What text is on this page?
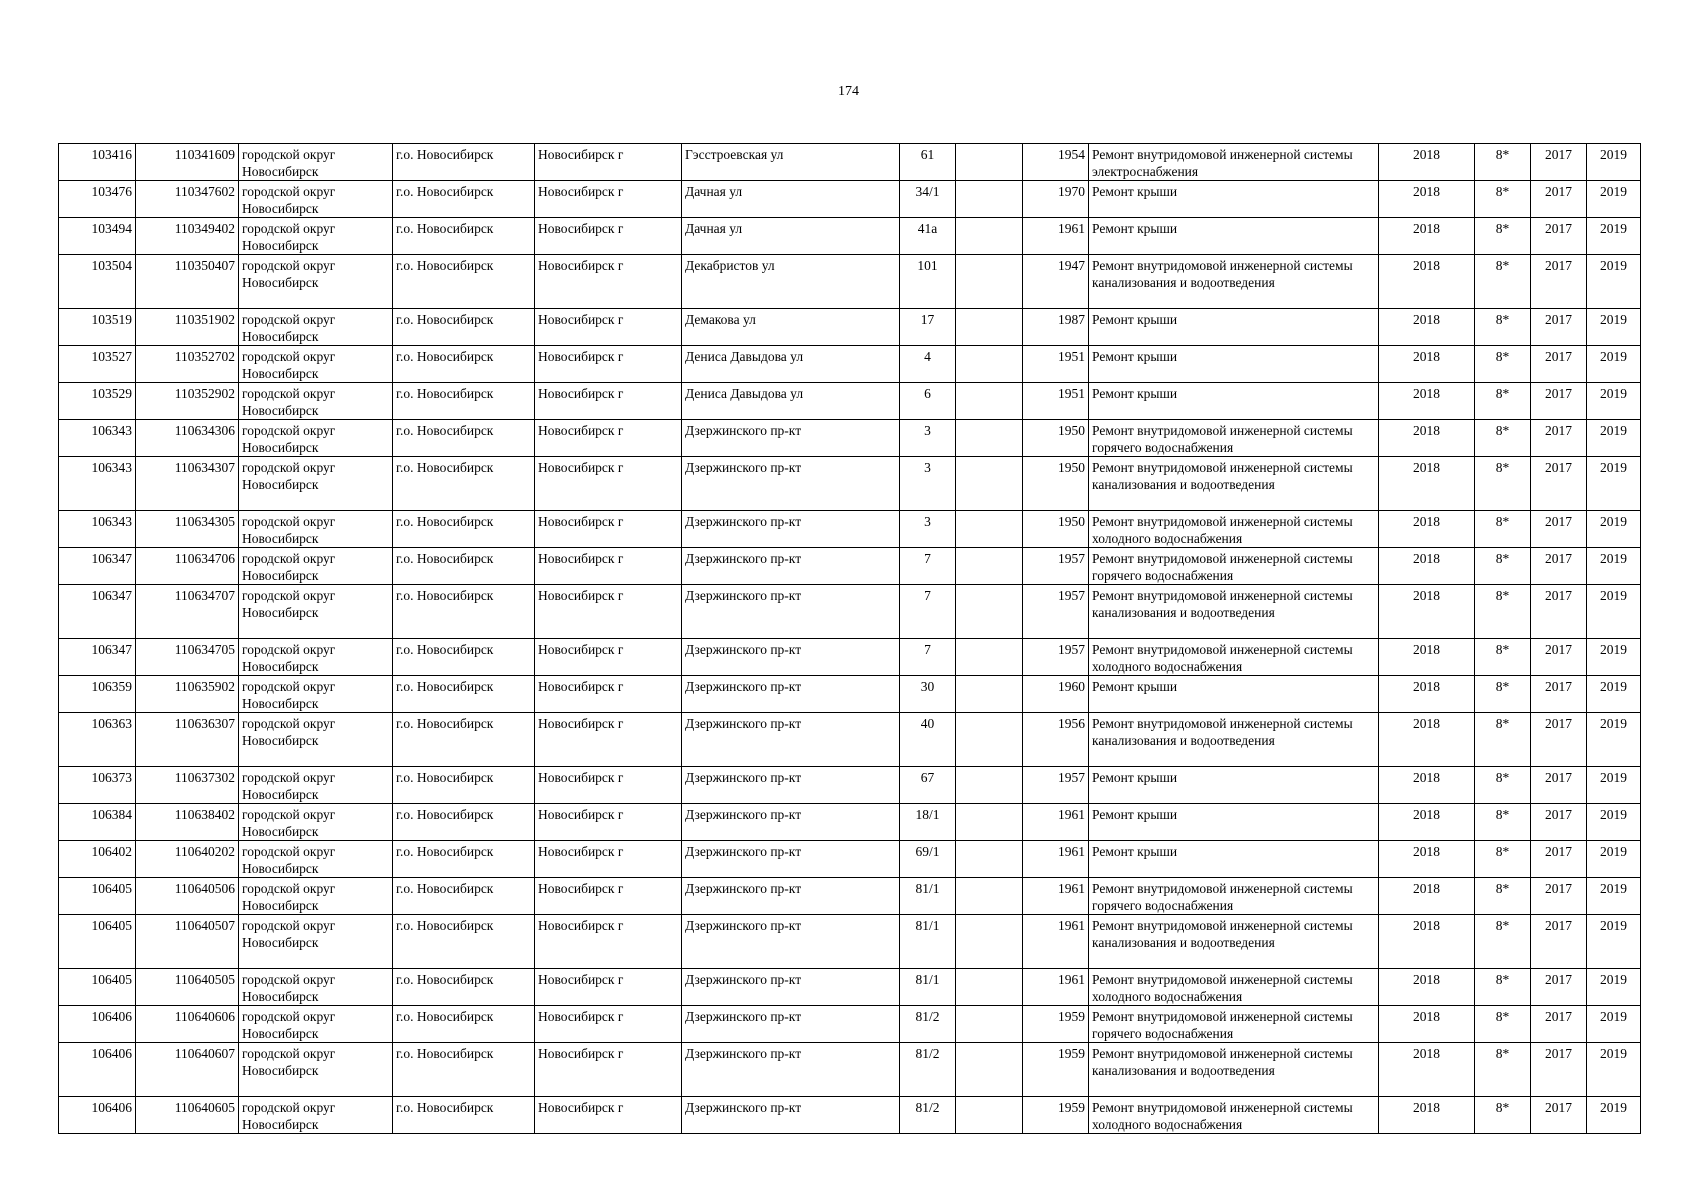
174
103416	110341609	городской округ Новосибирск	г.о. Новосибирск	Новосибирск г	Гэсстроевская ул	61		1954	Ремонт внутридомовой инженерной системы электроснабжения	2018	8*	2017	2019
103476	110347602	городской округ Новосибирск	г.о. Новосибирск	Новосибирск г	Дачная ул	34/1		1970	Ремонт крыши	2018	8*	2017	2019
103494	110349402	городской округ Новосибирск	г.о. Новосибирск	Новосибирск г	Дачная ул	41а		1961	Ремонт крыши	2018	8*	2017	2019
103504	110350407	городской округ Новосибирск	г.о. Новосибирск	Новосибирск г	Декабристов ул	101		1947	Ремонт внутридомовой инженерной системы канализования и водоотведения	2018	8*	2017	2019
103519	110351902	городской округ Новосибирск	г.о. Новосибирск	Новосибирск г	Демакова ул	17		1987	Ремонт крыши	2018	8*	2017	2019
103527	110352702	городской округ Новосибирск	г.о. Новосибирск	Новосибирск г	Дениса Давыдова ул	4		1951	Ремонт крыши	2018	8*	2017	2019
103529	110352902	городской округ Новосибирск	г.о. Новосибирск	Новосибирск г	Дениса Давыдова ул	6		1951	Ремонт крыши	2018	8*	2017	2019
106343	110634306	городской округ Новосибирск	г.о. Новосибирск	Новосибирск г	Дзержинского пр-кт	3		1950	Ремонт внутридомовой инженерной системы горячего водоснабжения	2018	8*	2017	2019
106343	110634307	городской округ Новосибирск	г.о. Новосибирск	Новосибирск г	Дзержинского пр-кт	3		1950	Ремонт внутридомовой инженерной системы канализования и водоотведения	2018	8*	2017	2019
106343	110634305	городской округ Новосибирск	г.о. Новосибирск	Новосибирск г	Дзержинского пр-кт	3		1950	Ремонт внутридомовой инженерной системы холодного водоснабжения	2018	8*	2017	2019
106347	110634706	городской округ Новосибирск	г.о. Новосибирск	Новосибирск г	Дзержинского пр-кт	7		1957	Ремонт внутридомовой инженерной системы горячего водоснабжения	2018	8*	2017	2019
106347	110634707	городской округ Новосибирск	г.о. Новосибирск	Новосибирск г	Дзержинского пр-кт	7		1957	Ремонт внутридомовой инженерной системы канализования и водоотведения	2018	8*	2017	2019
106347	110634705	городской округ Новосибирск	г.о. Новосибирск	Новосибирск г	Дзержинского пр-кт	7		1957	Ремонт внутридомовой инженерной системы холодного водоснабжения	2018	8*	2017	2019
106359	110635902	городской округ Новосибирск	г.о. Новосибирск	Новосибирск г	Дзержинского пр-кт	30		1960	Ремонт крыши	2018	8*	2017	2019
106363	110636307	городской округ Новосибирск	г.о. Новосибирск	Новосибирск г	Дзержинского пр-кт	40		1956	Ремонт внутридомовой инженерной системы канализования и водоотведения	2018	8*	2017	2019
106373	110637302	городской округ Новосибирск	г.о. Новосибирск	Новосибирск г	Дзержинского пр-кт	67		1957	Ремонт крыши	2018	8*	2017	2019
106384	110638402	городской округ Новосибирск	г.о. Новосибирск	Новосибирск г	Дзержинского пр-кт	18/1		1961	Ремонт крыши	2018	8*	2017	2019
106402	110640202	городской округ Новосибирск	г.о. Новосибирск	Новосибирск г	Дзержинского пр-кт	69/1		1961	Ремонт крыши	2018	8*	2017	2019
106405	110640506	городской округ Новосибирск	г.о. Новосибирск	Новосибирск г	Дзержинского пр-кт	81/1		1961	Ремонт внутридомовой инженерной системы горячего водоснабжения	2018	8*	2017	2019
106405	110640507	городской округ Новосибирск	г.о. Новосибирск	Новосибирск г	Дзержинского пр-кт	81/1		1961	Ремонт внутридомовой инженерной системы канализования и водоотведения	2018	8*	2017	2019
106405	110640505	городской округ Новосибирск	г.о. Новосибирск	Новосибирск г	Дзержинского пр-кт	81/1		1961	Ремонт внутридомовой инженерной системы холодного водоснабжения	2018	8*	2017	2019
106406	110640606	городской округ Новосибирск	г.о. Новосибирск	Новосибирск г	Дзержинского пр-кт	81/2		1959	Ремонт внутридомовой инженерной системы горячего водоснабжения	2018	8*	2017	2019
106406	110640607	городской округ Новосибирск	г.о. Новосибирск	Новосибирск г	Дзержинского пр-кт	81/2		1959	Ремонт внутридомовой инженерной системы канализования и водоотведения	2018	8*	2017	2019
106406	110640605	городской округ Новосибирск	г.о. Новосибирск	Новосибирск г	Дзержинского пр-кт	81/2		1959	Ремонт внутридомовой инженерной системы холодного водоснабжения	2018	8*	2017	2019
